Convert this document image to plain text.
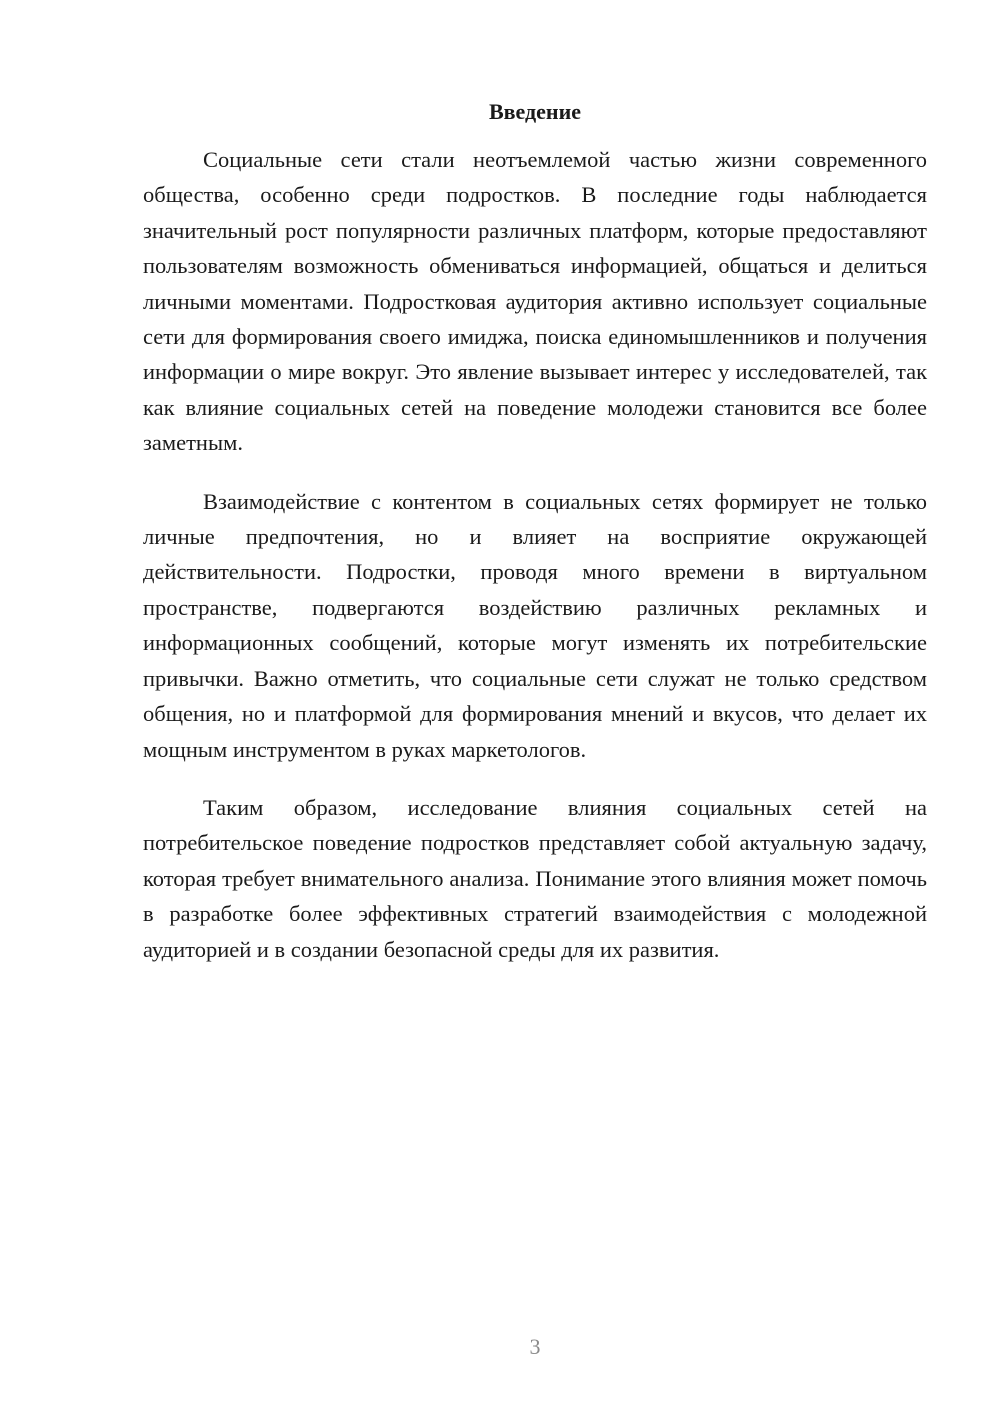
Введение

Социальные сети стали неотъемлемой частью жизни современного общества, особенно среди подростков. В последние годы наблюдается значительный рост популярности различных платформ, которые предоставляют пользователям возможность обмениваться информацией, общаться и делиться личными моментами. Подростковая аудитория активно использует социальные сети для формирования своего имиджа, поиска единомышленников и получения информации о мире вокруг. Это явление вызывает интерес у исследователей, так как влияние социальных сетей на поведение молодежи становится все более заметным.

Взаимодействие с контентом в социальных сетях формирует не только личные предпочтения, но и влияет на восприятие окружающей действительности. Подростки, проводя много времени в виртуальном пространстве, подвергаются воздействию различных рекламных и информационных сообщений, которые могут изменять их потребительские привычки. Важно отметить, что социальные сети служат не только средством общения, но и платформой для формирования мнений и вкусов, что делает их мощным инструментом в руках маркетологов.

Таким образом, исследование влияния социальных сетей на потребительское поведение подростков представляет собой актуальную задачу, которая требует внимательного анализа. Понимание этого влияния может помочь в разработке более эффективных стратегий взаимодействия с молодежной аудиторией и в создании безопасной среды для их развития.

3
